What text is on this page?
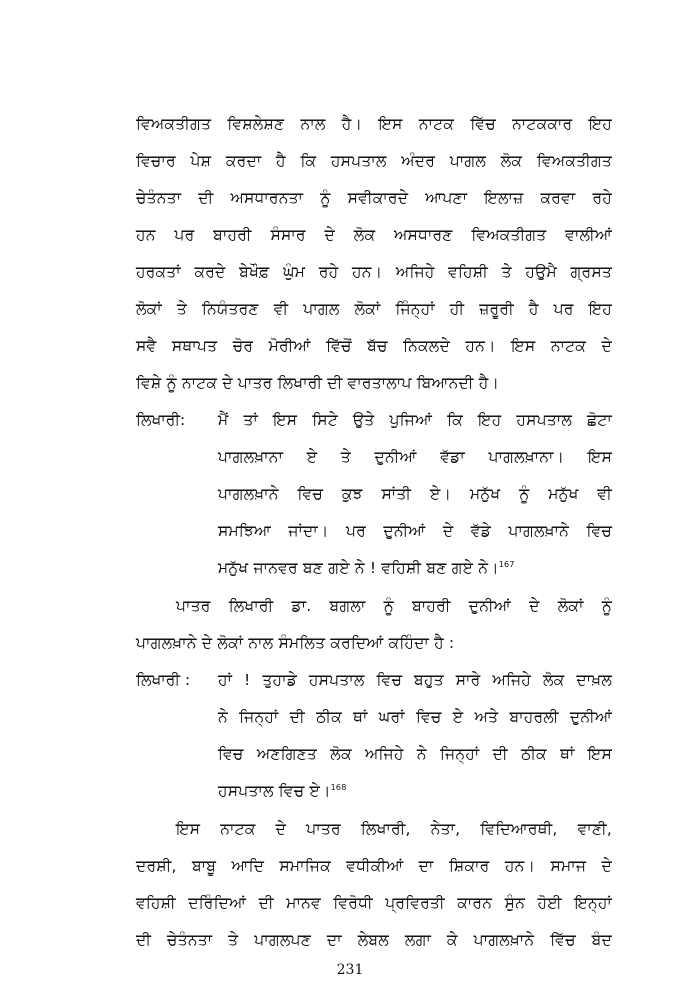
ਵਿਅਕਤੀਗਤ ਵਿਸ਼ਲੇਸ਼ਣ ਨਾਲ ਹੈ। ਇਸ ਨਾਟਕ ਵਿੱਚ ਨਾਟਕਕਾਰ ਇਹ
ਵਿਚਾਰ ਪੇਸ਼ ਕਰਦਾ ਹੈ ਕਿ ਹਸਪਤਾਲ ਅੰਦਰ ਪਾਗਲ ਲੋਕ ਵਿਅਕਤੀਗਤ
ਚੇਤੰਨਤਾ ਦੀ ਅਸਧਾਰਨਤਾ ਨੂੰ ਸਵੀਕਾਰਦੇ ਆਪਣਾ ਇਲਾਜ਼ ਕਰਵਾ ਰਹੇ
ਹਨ ਪਰ ਬਾਹਰੀ ਸੰਸਾਰ ਦੇ ਲੋਕ ਅਸਧਾਰਣ ਵਿਅਕਤੀਗਤ ਵਾਲੀਆਂ
ਹਰਕਤਾਂ ਕਰਦੇ ਬੇਖੌਫ਼ ਘੁੰਮ ਰਹੇ ਹਨ। ਅਜਿਹੇ ਵਹਿਸ਼ੀ ਤੇ ਹਉਮੈ ਗ੍ਰਸਤ
ਲੋਕਾਂ ਤੇ ਨਿਯੰਤਰਣ ਵੀ ਪਾਗਲ ਲੋਕਾਂ ਜਿੰਨ੍ਹਾਂ ਹੀ ਜ਼ਰੂਰੀ ਹੈ ਪਰ ਇਹ
ਸਵੈ ਸਥਾਪਤ ਚੋਰ ਮੋਰੀਆਂ ਵਿੱਚੋਂ ਬੱਚ ਨਿਕਲਦੇ ਹਨ। ਇਸ ਨਾਟਕ ਦੇ
ਵਿਸ਼ੇ ਨੂੰ ਨਾਟਕ ਦੇ ਪਾਤਰ ਲਿਖਾਰੀ ਦੀ ਵਾਰਤਾਲਾਪ ਬਿਆਨਦੀ ਹੈ।
ਲਿਖਾਰੀ: ਮੈਂ ਤਾਂ ਇਸ ਸਿਟੇ ਉਤੇ ਪੁਜਿਆਂ ਕਿ ਇਹ ਹਸਪਤਾਲ ਛੋਟਾ
ਪਾਗਲਖ਼ਾਨਾ ਏ ਤੇ ਦੁਨੀਆਂ ਵੱਡਾ ਪਾਗਲਖ਼ਾਨਾ। ਇਸ
ਪਾਗਲਖ਼ਾਨੇ ਵਿਚ ਕੁਝ ਸਾਂਤੀ ਏ। ਮਨੁੱਖ ਨੂੰ ਮਨੁੱਖ ਵੀ
ਸਮਝਿਆ ਜਾਂਦਾ। ਪਰ ਦੁਨੀਆਂ ਦੇ ਵੱਡੇ ਪਾਗਲਖ਼ਾਨੇ ਵਿਚ
ਮਨੁੱਖ ਜਾਨਵਰ ਬਣ ਗਏ ਨੇ ! ਵਹਿਸ਼ੀ ਬਣ ਗਏ ਨੇ।$^{167}$
ਪਾਤਰ ਲਿਖਾਰੀ ਡਾ. ਬਗਲਾ ਨੂੰ ਬਾਹਰੀ ਦੁਨੀਆਂ ਦੇ ਲੋਕਾਂ ਨੂੰ
ਪਾਗਲਖ਼ਾਨੇ ਦੇ ਲੋਕਾਂ ਨਾਲ ਸੰਮਲਿਤ ਕਰਦਿਆਂ ਕਹਿੰਦਾ ਹੈ :
ਲਿਖਾਰੀ : ਹਾਂ ! ਤੁਹਾਡੇ ਹਸਪਤਾਲ ਵਿਚ ਬਹੁਤ ਸਾਰੇ ਅਜਿਹੇ ਲੋਕ ਦਾਖ਼ਲ
ਨੇ ਜਿਨ੍ਹਾਂ ਦੀ ਠੀਕ ਥਾਂ ਘਰਾਂ ਵਿਚ ਏ ਅਤੇ ਬਾਹਰਲੀ ਦੁਨੀਆਂ
ਵਿਚ ਅਣਗਿਣਤ ਲੋਕ ਅਜਿਹੇ ਨੇ ਜਿਨ੍ਹਾਂ ਦੀ ਠੀਕ ਥਾਂ ਇਸ
ਹਸਪਤਾਲ ਵਿਚ ਏ।$^{168}$
ਇਸ ਨਾਟਕ ਦੇ ਪਾਤਰ ਲਿਖਾਰੀ, ਨੇਤਾ, ਵਿਦਿਆਰਥੀ, ਵਾਣੀ,
ਦਰਸ਼ੀ, ਬਾਬੂ ਆਦਿ ਸਮਾਜਿਕ ਵਧੀਕੀਆਂ ਦਾ ਸ਼ਿਕਾਰ ਹਨ। ਸਮਾਜ ਦੇ
ਵਹਿਸ਼ੀ ਦਰਿੰਦਿਆਂ ਦੀ ਮਾਨਵ ਵਿਰੋਧੀ ਪ੍ਰਵਿਰਤੀ ਕਾਰਨ ਸੁੰਨ ਹੋਈ ਇਨ੍ਹਾਂ
ਦੀ ਚੇਤੰਨਤਾ ਤੇ ਪਾਗਲਪਣ ਦਾ ਲੇਬਲ ਲਗਾ ਕੇ ਪਾਗਲਖ਼ਾਨੇ ਵਿੱਚ ਬੰਦ
231
